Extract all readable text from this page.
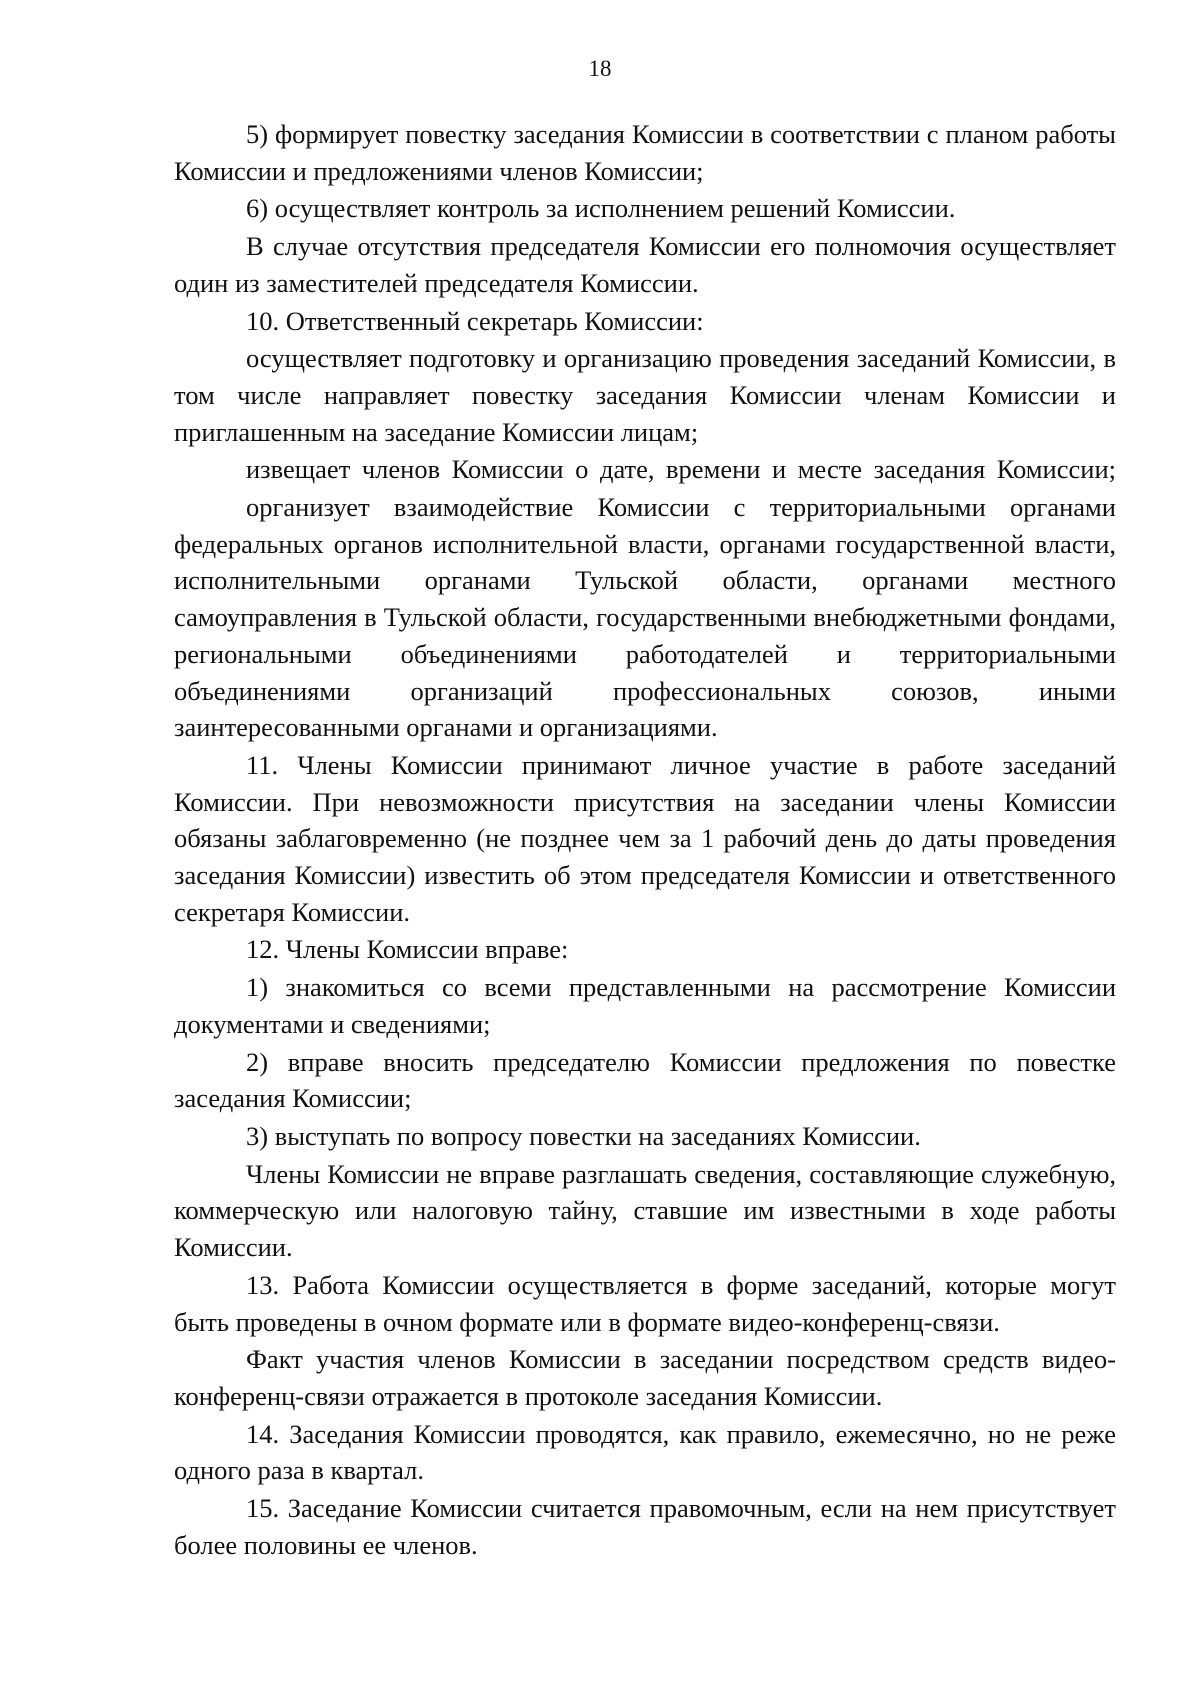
18

5) формирует повестку заседания Комиссии в соответствии с планом работы Комиссии и предложениями членов Комиссии;

6) осуществляет контроль за исполнением решений Комиссии.

В случае отсутствия председателя Комиссии его полномочия осуществляет один из заместителей председателя Комиссии.

10. Ответственный секретарь Комиссии:

осуществляет подготовку и организацию проведения заседаний Комиссии, в том числе направляет повестку заседания Комиссии членам Комиссии и приглашенным на заседание Комиссии лицам;

извещает членов Комиссии о дате, времени и месте заседания Комиссии;

организует взаимодействие Комиссии с территориальными органами федеральных органов исполнительной власти, органами государственной власти, исполнительными органами Тульской области, органами местного самоуправления в Тульской области, государственными внебюджетными фондами, региональными объединениями работодателей и территориальными объединениями организаций профессиональных союзов, иными заинтересованными органами и организациями.

11. Члены Комиссии принимают личное участие в работе заседаний Комиссии. При невозможности присутствия на заседании члены Комиссии обязаны заблаговременно (не позднее чем за 1 рабочий день до даты проведения заседания Комиссии) известить об этом председателя Комиссии и ответственного секретаря Комиссии.

12. Члены Комиссии вправе:

1) знакомиться со всеми представленными на рассмотрение Комиссии документами и сведениями;

2) вправе вносить председателю Комиссии предложения по повестке заседания Комиссии;

3) выступать по вопросу повестки на заседаниях Комиссии.

Члены Комиссии не вправе разглашать сведения, составляющие служебную, коммерческую или налоговую тайну, ставшие им известными в ходе работы Комиссии.

13. Работа Комиссии осуществляется в форме заседаний, которые могут быть проведены в очном формате или в формате видео-конференц-связи.

Факт участия членов Комиссии в заседании посредством средств видео-конференц-связи отражается в протоколе заседания Комиссии.

14. Заседания Комиссии проводятся, как правило, ежемесячно, но не реже одного раза в квартал.

15. Заседание Комиссии считается правомочным, если на нем присутствует более половины ее членов.
